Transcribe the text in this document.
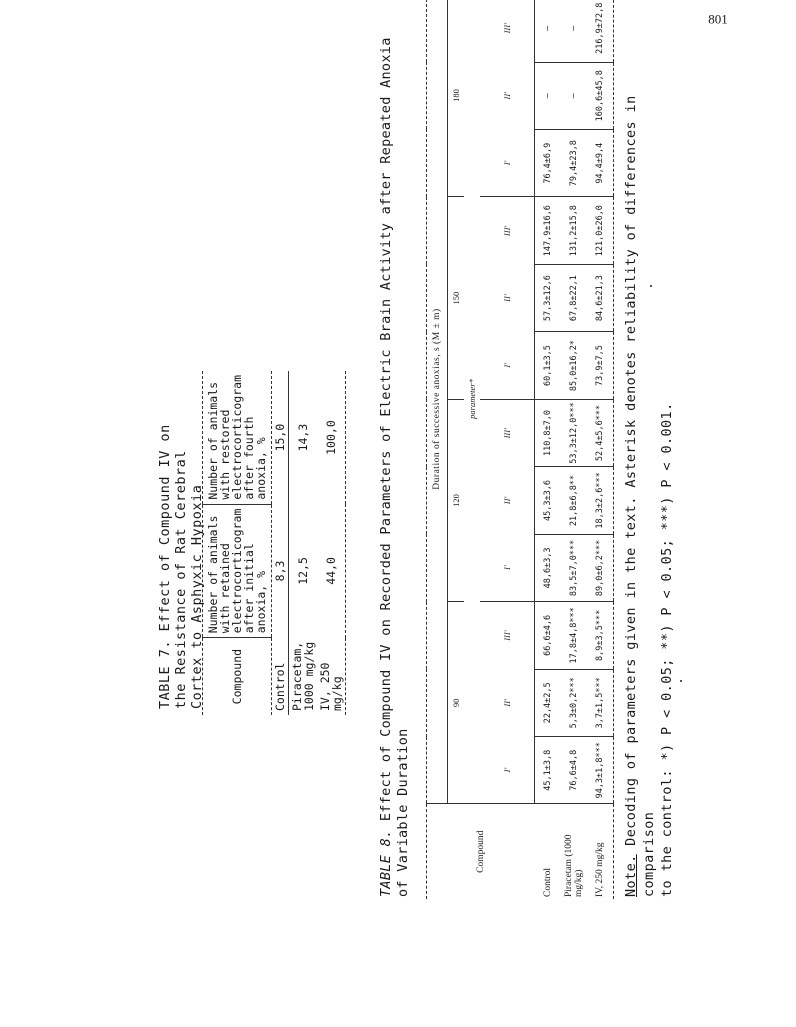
TABLE 7. Effect of Compound IV on the Resistance of Rat Cerebral Cortex to Asphyxic Hypoxia Compound	Number of animals with retained electrocorticogram after initial anoxia, %	Number of animals with restored electrocorticogram after fourth anoxia, %
Control	8,3	15,0
Piracetam, 1000 mg/kg	12,5	14,3
IV, 250 mg/kg	44,0	100,0
TABLE 8. Effect of Compound IV on Recorded Parameters of Electric Brain Activity after Repeated Anoxia of Variable Duration	Compound	Duration of successive anoxias, s (M ± m)											
	90			120			150			180		
	parameter*											
	I'	II'	III'	I'	II'	III'	I'	II'	III'	I'	II'	III'
Control	45,1±3,8	22,4±2,5	66,6±4,6	48,6±3,3	45,3±3,6	110,8±7,0	60,1±3,5	57,3±12,6	147,9±16,6	76,4±6,9	—	—
Piracetam (1000 mg/kg)	76,6±4,8	5,3±0,2***	17,8±4,8***	83,5±7,0***	21,8±6,8**	53,3±12,0***	85,0±16,2*	67,8±22,1	131,2±15,8	79,4±23,8	—	—
IV, 250 mg/kg	94,3±1,8***	3,7±1,5***	8,9±3,5***	89,0±6,2***	18,3±2,6***	52,4±5,6***	73,9±7,5	84,6±21,3	121,0±26,0	94,4±9,4	160,6±45,8	216,9±72,8
Note. Decoding of parameters given in the text. Asterisk denotes reliability of differences in comparison to the control: *) P < 0.05; **) P < 0.05; ***) P < 0.001.
801
